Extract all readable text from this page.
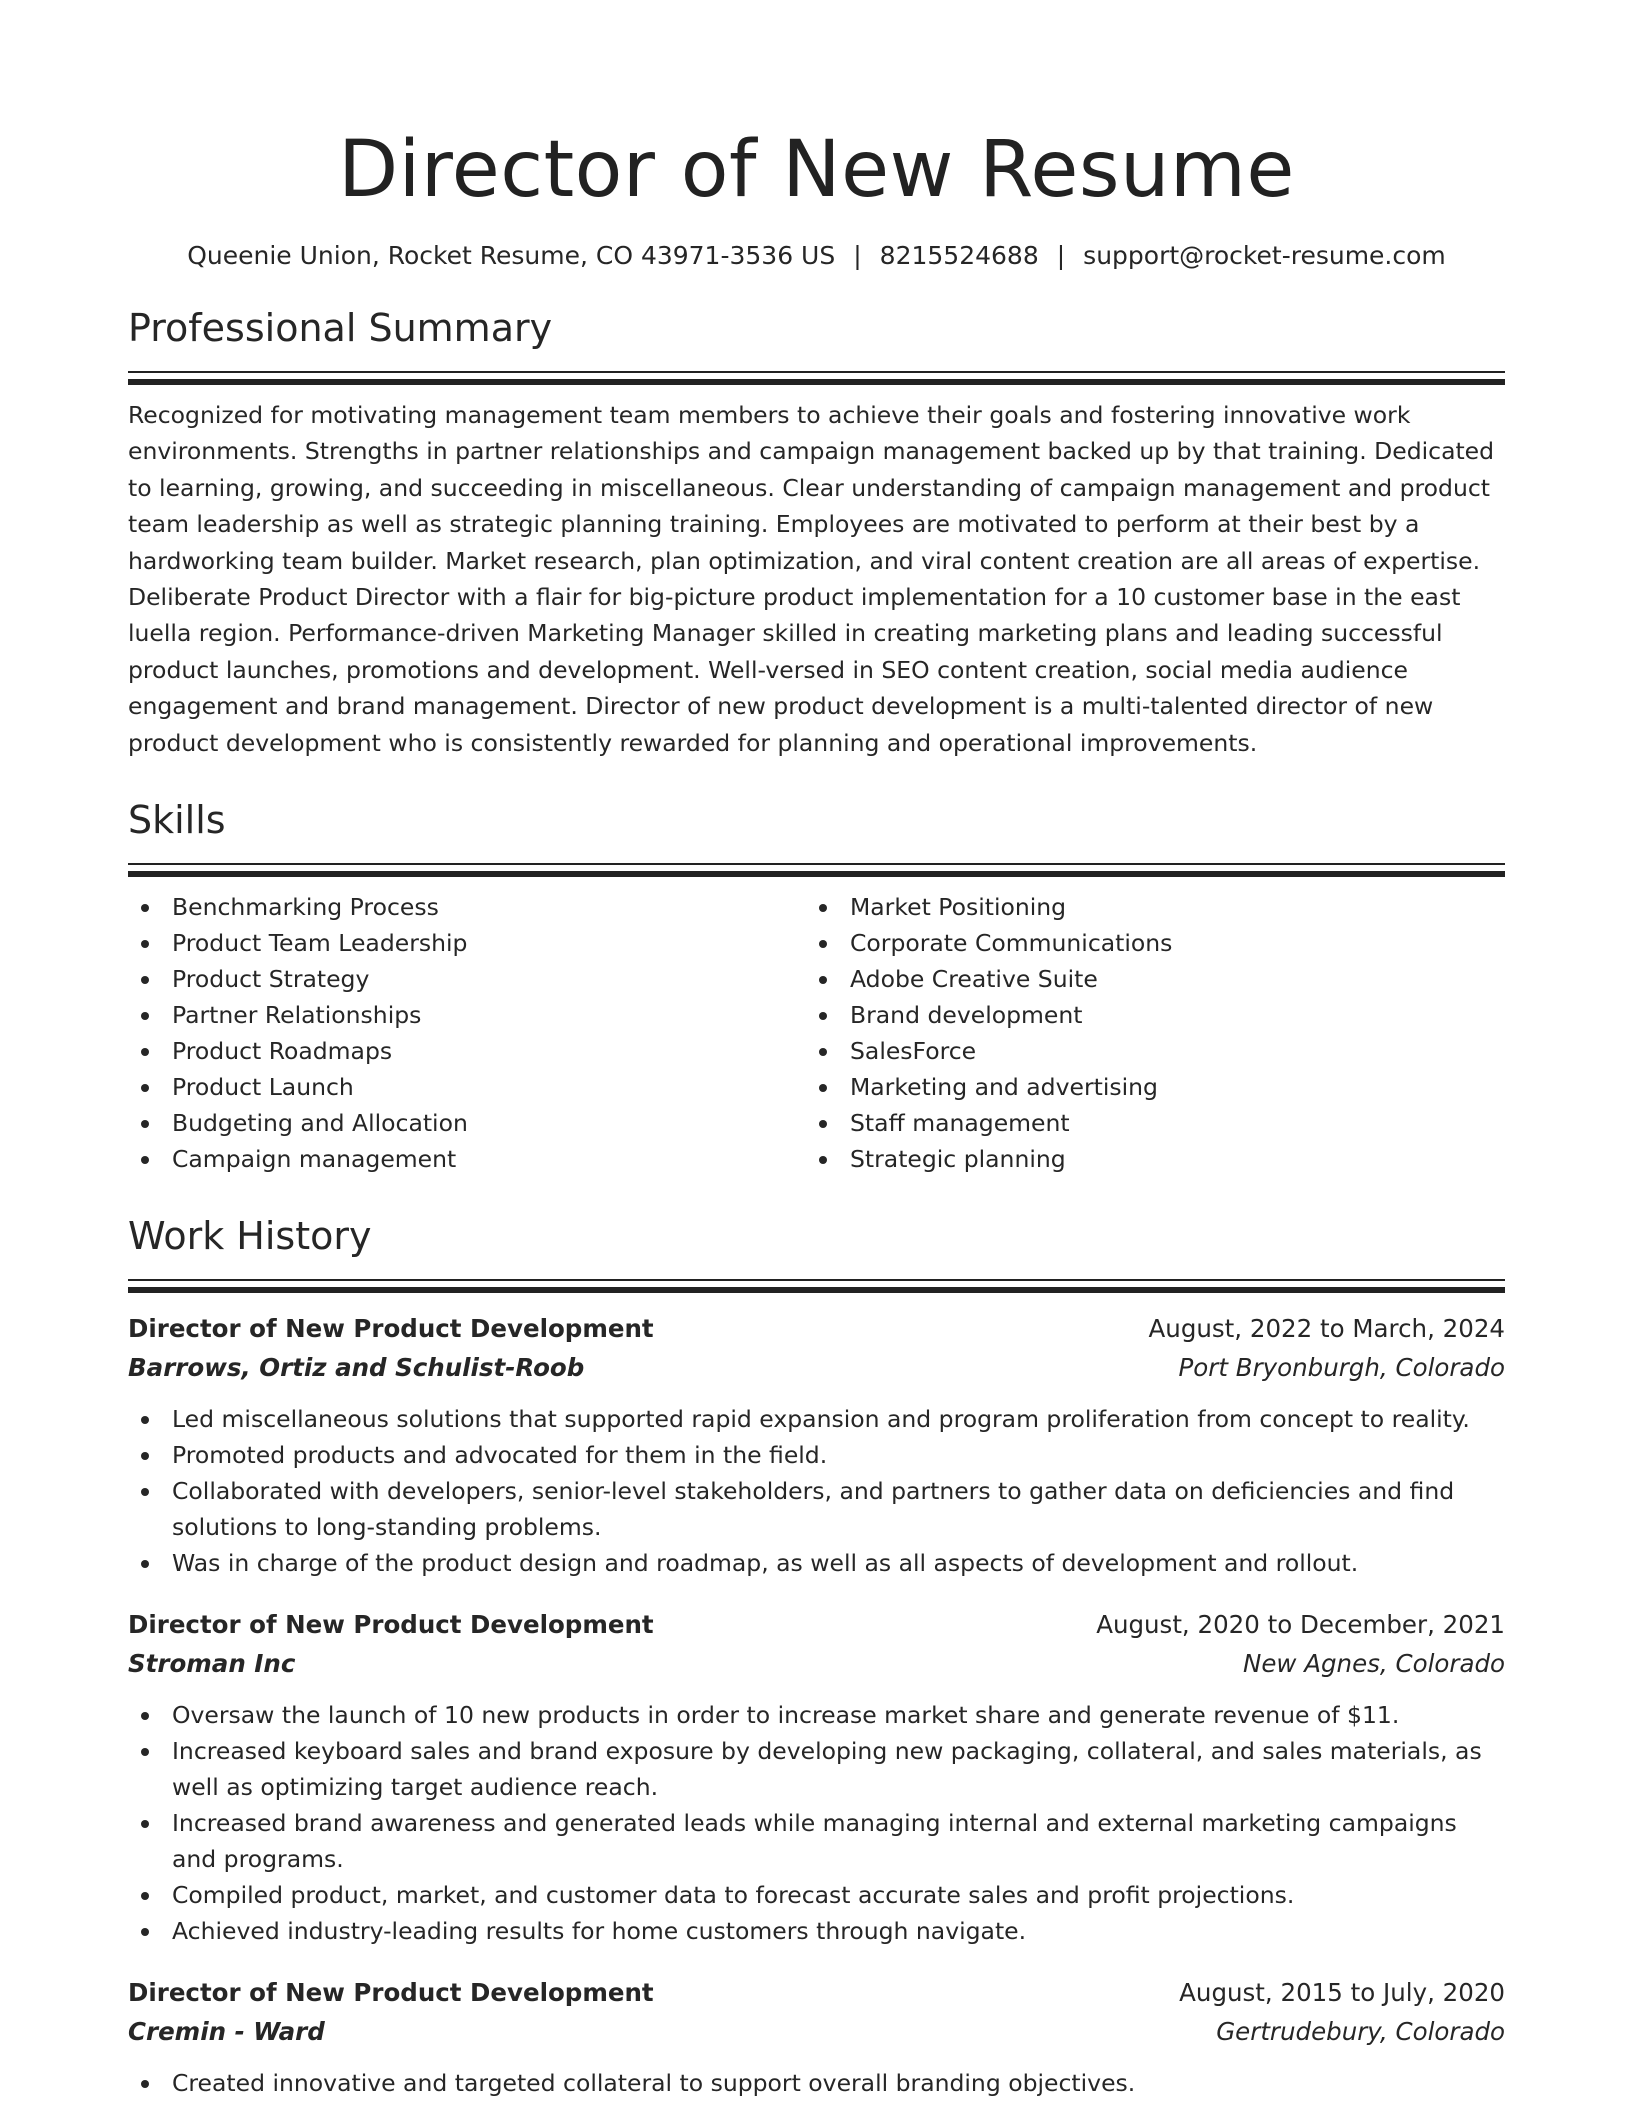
Director of New Resume
Queenie Union, Rocket Resume, CO 43971-3536 US | 8215524688 | support@rocket-resume.com
Professional Summary

Recognized for motivating management team members to achieve their goals and fostering innovative work environments. Strengths in partner relationships and campaign management backed up by that training. Dedicated to learning, growing, and succeeding in miscellaneous. Clear understanding of campaign management and product team leadership as well as strategic planning training. Employees are motivated to perform at their best by a hardworking team builder. Market research, plan optimization, and viral content creation are all areas of expertise. Deliberate Product Director with a flair for big-picture product implementation for a 10 customer base in the east luella region. Performance-driven Marketing Manager skilled in creating marketing plans and leading successful product launches, promotions and development. Well-versed in SEO content creation, social media audience engagement and brand management. Director of new product development is a multi-talented director of new product development who is consistently rewarded for planning and operational improvements.

Skills
Benchmarking Process
Product Team Leadership
Product Strategy
Partner Relationships
Product Roadmaps
Product Launch
Budgeting and Allocation
Campaign management
Market Positioning
Corporate Communications
Adobe Creative Suite
Brand development
SalesForce
Marketing and advertising
Staff management
Strategic planning
Work History
Director of New Product Development	August, 2022 to March, 2024
Barrows, Ortiz and Schulist-Roob	Port Bryonburgh, Colorado
Led miscellaneous solutions that supported rapid expansion and program proliferation from concept to reality.
Promoted products and advocated for them in the field.
Collaborated with developers, senior-level stakeholders, and partners to gather data on deficiencies and find solutions to long-standing problems.
Was in charge of the product design and roadmap, as well as all aspects of development and rollout.
Director of New Product Development	August, 2020 to December, 2021
Stroman Inc	New Agnes, Colorado
Oversaw the launch of 10 new products in order to increase market share and generate revenue of $11.
Increased keyboard sales and brand exposure by developing new packaging, collateral, and sales materials, as well as optimizing target audience reach.
Increased brand awareness and generated leads while managing internal and external marketing campaigns and programs.
Compiled product, market, and customer data to forecast accurate sales and profit projections.
Achieved industry-leading results for home customers through navigate.
Director of New Product Development	August, 2015 to July, 2020
Cremin - Ward	Gertrudebury, Colorado
Created innovative and targeted collateral to support overall branding objectives.
